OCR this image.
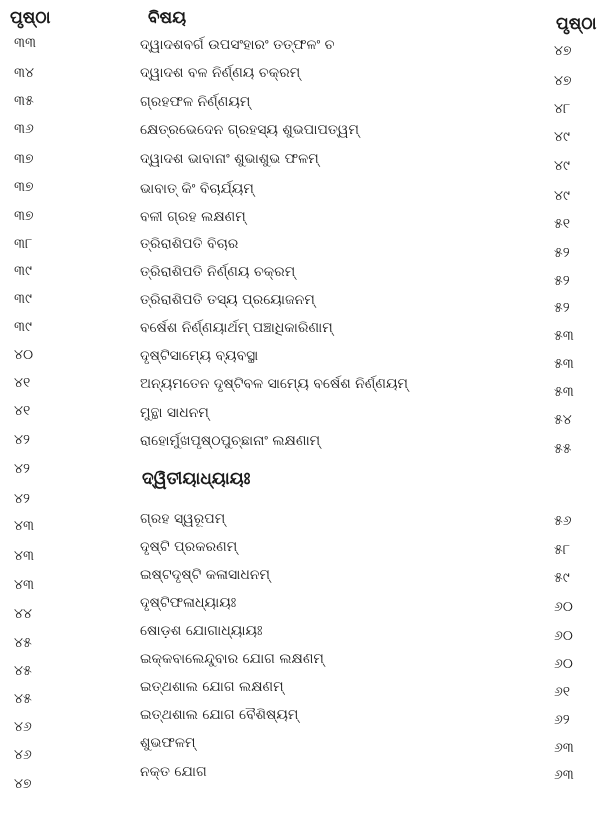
ପୃଷ୍ଠା	ବିଷୟ	ପୃଷ୍ଠା
୩୩
୩୪
୩୫
୩୬
୩୭
୩୭
୩୭
୩୮
୩୯
୩୯
୩୯
୪୦
୪୧
୪୧
୪୨
୪୨
୪୨
୪୩
୪୩
୪୩
୪୪
୪୫
୪୫
୪୫
୪୬
୪୬
୪୭
ଦ୍ୱାଦଶବର୍ଗ ଉପସଂହାରଂ ତତ୍‌ଫଳଂ ଚ
ଦ୍ୱାଦଶ ବଳ ନିର୍ଣ୍ଣୟ ଚକ୍ରମ୍
ଗ୍ରହଫଳ ନିର୍ଣ୍ଣୟମ୍
କ୍ଷେତ୍ରଭେଦେନ ଗ୍ରହସ୍ୟ ଶୁଭପାପତ୍ୱମ୍
ଦ୍ୱାଦଶ ଭାବାନାଂ ଶୁଭାଶୁଭ ଫଳମ୍
ଭାବାତ୍ କିଂ ବିଚାର୍ଯ୍ୟମ୍
ବଳୀ ଗ୍ରହ ଲକ୍ଷଣମ୍
ତ୍ରିରାଶିପତି ବିଚାର
ତ୍ରିରାଶିପତି ନିର୍ଣ୍ଣୟ ଚକ୍ରମ୍
ତ୍ରିରାଶିପତି ତସ୍ୟ ପ୍ରୟୋଜନମ୍
ବର୍ଷେଶ ନିର୍ଣ୍ଣୟାର୍ଥମ୍ ପଞ୍ଚାଧିକାରିଣାମ୍
ଦୃଷ୍ଟିସାମ୍ୟେ ବ୍ୟବସ୍ଥା
ଅନ୍ୟମତେନ ଦୃଷ୍ଟିବଳ ସାମ୍ୟେ ବର୍ଷେଶ ନିର୍ଣ୍ଣୟମ୍
ମୁନ୍ଥା ସାଧନମ୍
ରାହୋର୍ମୁଖପୃଷ୍ଠପୁଚ୍ଛାନାଂ ଲକ୍ଷଣାମ୍
ଗ୍ରହ ସ୍ୱରୂପମ୍
ଦୃଷ୍ଟି ପ୍ରକରଣମ୍
ଇଷ୍ଟଦୃଷ୍ଟି କଳାସାଧନମ୍
ଦୃଷ୍ଟିଫଳାଧ୍ୟାୟଃ
ଷୋଡ଼ଶ ଯୋଗାଧ୍ୟାୟଃ
ଇକ୍‌କବାଲେନ୍ଦୁବାର ଯୋଗ ଲକ୍ଷଣମ୍
ଇତ୍‌ଥଶାଲ ଯୋଗ ଲକ୍ଷଣମ୍
ଇତ୍‌ଥଶାଲ ଯୋଗ ବୈଶିଷ୍ୟମ୍
ଶୁଭଫଳମ୍
ନକ୍ତ ଯୋଗ
ଦ୍ୱିତୀୟାଧ୍ୟାୟଃ
୪୭
୪୭
୪୮
୪୯
୪୯
୪୯
୫୧
୫୨
୫୨
୫୨
୫୩
୫୩
୫୩
୫୪
୫୫
୫୬
୫୮
୫୯
୬୦
୬୦
୬୦
୬୧
୬୨
୬୩
୬୩
